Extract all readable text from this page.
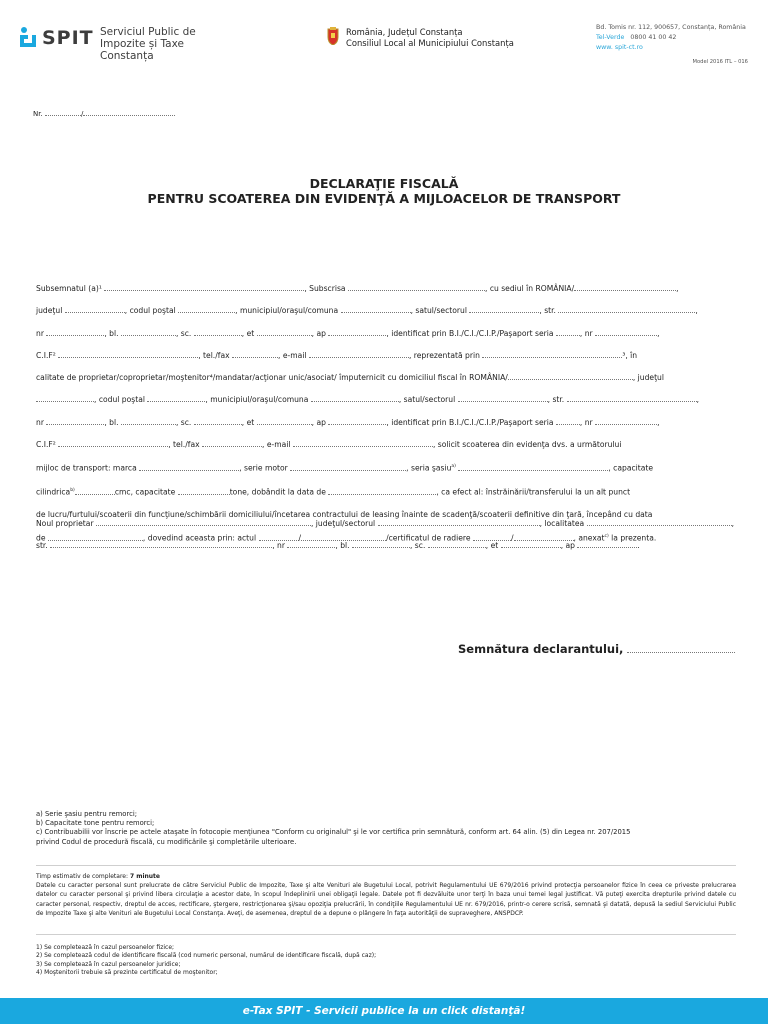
SPIT Serviciul Public de
Impozite și Taxe Constanța
România, Județul Constanța
Consiliul Local al Municipiului Constanța
Bd. Tomis nr. 112, 900657, Constanța, România
Tel-Verde 0800 41 00 42
www. spit-ct.ro
Model 2016 ITL – 016
Nr.	/
DECLARAŢIE FISCALĂ
PENTRU SCOATEREA DIN EVIDENŢĂ A MIJLOACELOR DE TRANSPORT
Subsemnatul (a)¹	, Subscrisa	, cu sediul în ROMÂNIA/	,
judeţul	, codul poştal	, municipiul/oraşul/comuna	, satul/sectorul	, str.	,
nr	, bl.	, sc.	, et	, ap	, identificat prin B.I./C.I./C.I.P./Paşaport seria	, nr	,
C.I.F²	, tel./fax	, e-mail	, reprezentată prin	³, în
calitate de proprietar/coproprietar/moştenitor⁴/mandatar/acţionar unic/asociat/ împuternicit cu domiciliul fiscal în ROMÂNIA/	, judeţul
, codul poştal	, municipiul/oraşul/comuna	, satul/sectorul	, str.	,
nr	, bl.	, sc.	, et	, ap	, identificat prin B.I./C.I./C.I.P./Paşaport seria	, nr	,
C.I.F²	, tel./fax	, e-mail	, solicit scoaterea din evidenţa dvs. a următorului
mijloc de transport: marca	, serie motor	, seria şasiu$^{a)}$	, capacitate
cilindrica$^{b)}$	cmc, capacitate	tone, dobândit la data de	, ca efect al: înstrăinării/transferului la un alt punct
de lucru/furtului/scoaterii din funcţiune/schimbării domiciliului/încetarea contractului de leasing înainte de scadenţă/scoaterii definitive din ţară, începând cu data
de	, dovedind aceasta prin: actul	/	/certificatul de radiere	/	, anexat$^{c)}$ la prezenta.
Noul proprietar	, judeţul/sectorul	, localitatea	,
str.	, nr	, bl.	, sc.	, et	, ap	.
Semnătura declarantului,
a) Serie şasiu pentru remorci;
b) Capacitate tone pentru remorci;
c) Contribuabilii vor înscrie pe actele ataşate în fotocopie menţiunea "Conform cu originalul" şi le vor certifica prin semnătură, conform art. 64 alin. (5) din Legea nr. 207/2015
privind Codul de procedură fiscală, cu modificările şi completările ulterioare.
Timp estimativ de completare: 7 minute
Datele cu caracter personal sunt prelucrate de către Serviciul Public de Impozite, Taxe şi alte Venituri ale Bugetului Local, potrivit Regulamentului UE 679/2016 privind protecţia persoanelor fizice în ceea ce priveste prelucrarea datelor cu caracter personal şi privind libera circulaţie a acestor date, în scopul îndeplinirii unei obligaţii legale. Datele pot fi dezvăluite unor terţi în baza unui temei legal justificat. Vă puteţi exercita drepturile privind datele cu caracter personal, respectiv, dreptul de acces, rectificare, ştergere, restricţionarea şi/sau opoziţia prelucrării, în condiţiile Regulamentului UE nr. 679/2016, printr-o cerere scrisă, semnată şi datată, depusă la sediul Serviciului Public de Impozite Taxe şi alte Venituri ale Bugetului Local Constanţa. Aveţi, de asemenea, dreptul de a depune o plângere în faţa autorităţii de supraveghere, ANSPDCP.
1) Se completează în cazul persoanelor fizice;
2) Se completează codul de identificare fiscală (cod numeric personal, numărul de identificare fiscală, după caz);
3) Se completează în cazul persoanelor juridice;
4) Moştenitorii trebuie să prezinte certificatul de moştenitor;
e-Tax SPIT - Servicii publice la un click distanţă!
